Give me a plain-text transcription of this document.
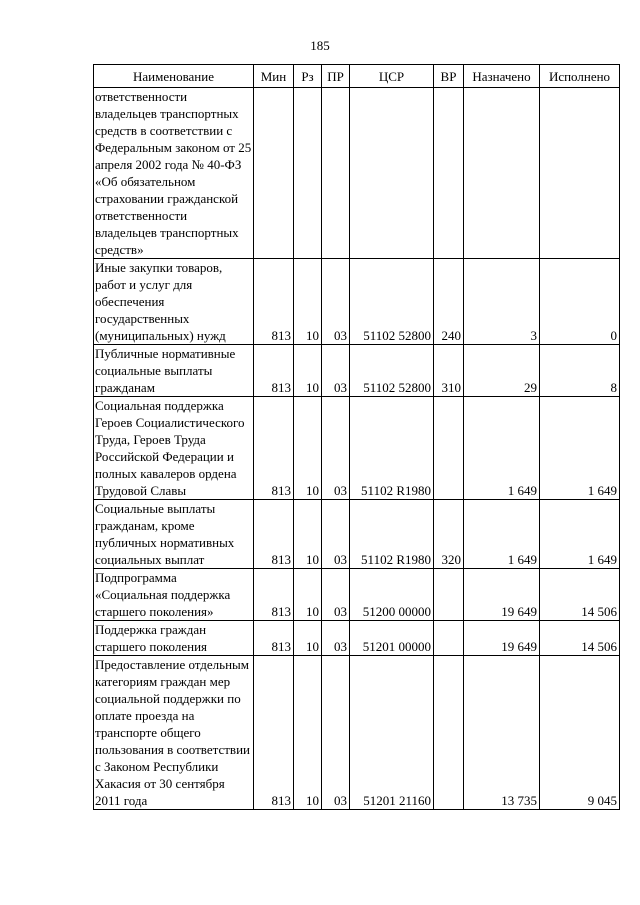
185
Наименование	Мин	Рз	ПР	ЦСР	ВР	Назначено	Исполнено
ответственности владельцев транспортных средств в соответствии с Федеральным законом от 25 апреля 2002 года № 40-ФЗ «Об обязательном страховании гражданской ответственности владельцев транспортных средств»							
Иные закупки товаров, работ и услуг для обеспечения государственных (муниципальных) нужд	813	10	03	51102 52800	240	3	0
Публичные нормативные социальные выплаты гражданам	813	10	03	51102 52800	310	29	8
Социальная поддержка Героев Социалистического Труда, Героев Труда Российской Федерации и полных кавалеров ордена Трудовой Славы	813	10	03	51102 R1980		1 649	1 649
Социальные выплаты гражданам, кроме публичных нормативных социальных выплат	813	10	03	51102 R1980	320	1 649	1 649
Подпрограмма «Социальная поддержка старшего поколения»	813	10	03	51200 00000		19 649	14 506
Поддержка граждан старшего поколения	813	10	03	51201 00000		19 649	14 506
Предоставление отдельным категориям граждан мер социальной поддержки по оплате проезда на транспорте общего пользования в соответствии с Законом Республики Хакасия от 30 сентября 2011 года	813	10	03	51201 21160		13 735	9 045
